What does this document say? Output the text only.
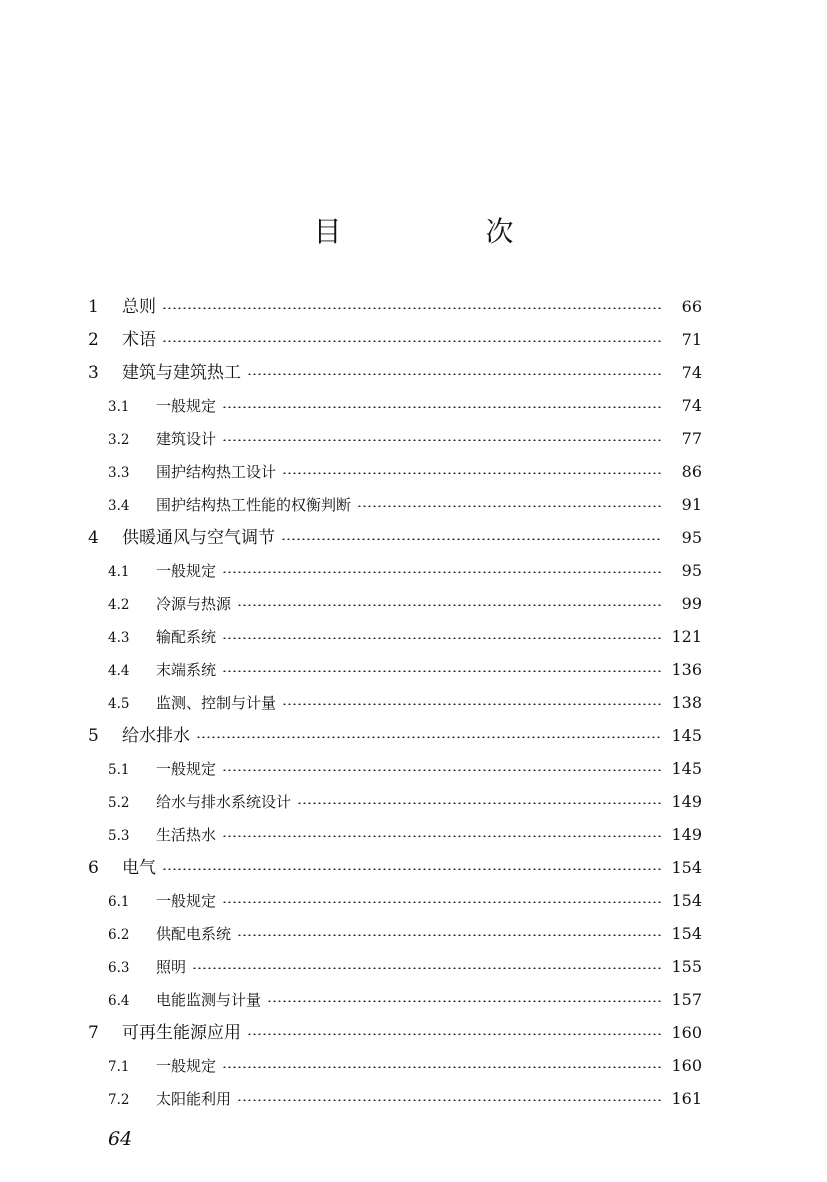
目　次
1	总则	66
2	术语	71
3	建筑与建筑热工	74
3.1	一般规定	74
3.2	建筑设计	77
3.3	围护结构热工设计	86
3.4	围护结构热工性能的权衡判断	91
4	供暖通风与空气调节	95
4.1	一般规定	95
4.2	冷源与热源	99
4.3	输配系统	121
4.4	末端系统	136
4.5	监测、控制与计量	138
5	给水排水	145
5.1	一般规定	145
5.2	给水与排水系统设计	149
5.3	生活热水	149
6	电气	154
6.1	一般规定	154
6.2	供配电系统	154
6.3	照明	155
6.4	电能监测与计量	157
7	可再生能源应用	160
7.1	一般规定	160
7.2	太阳能利用	161
64
